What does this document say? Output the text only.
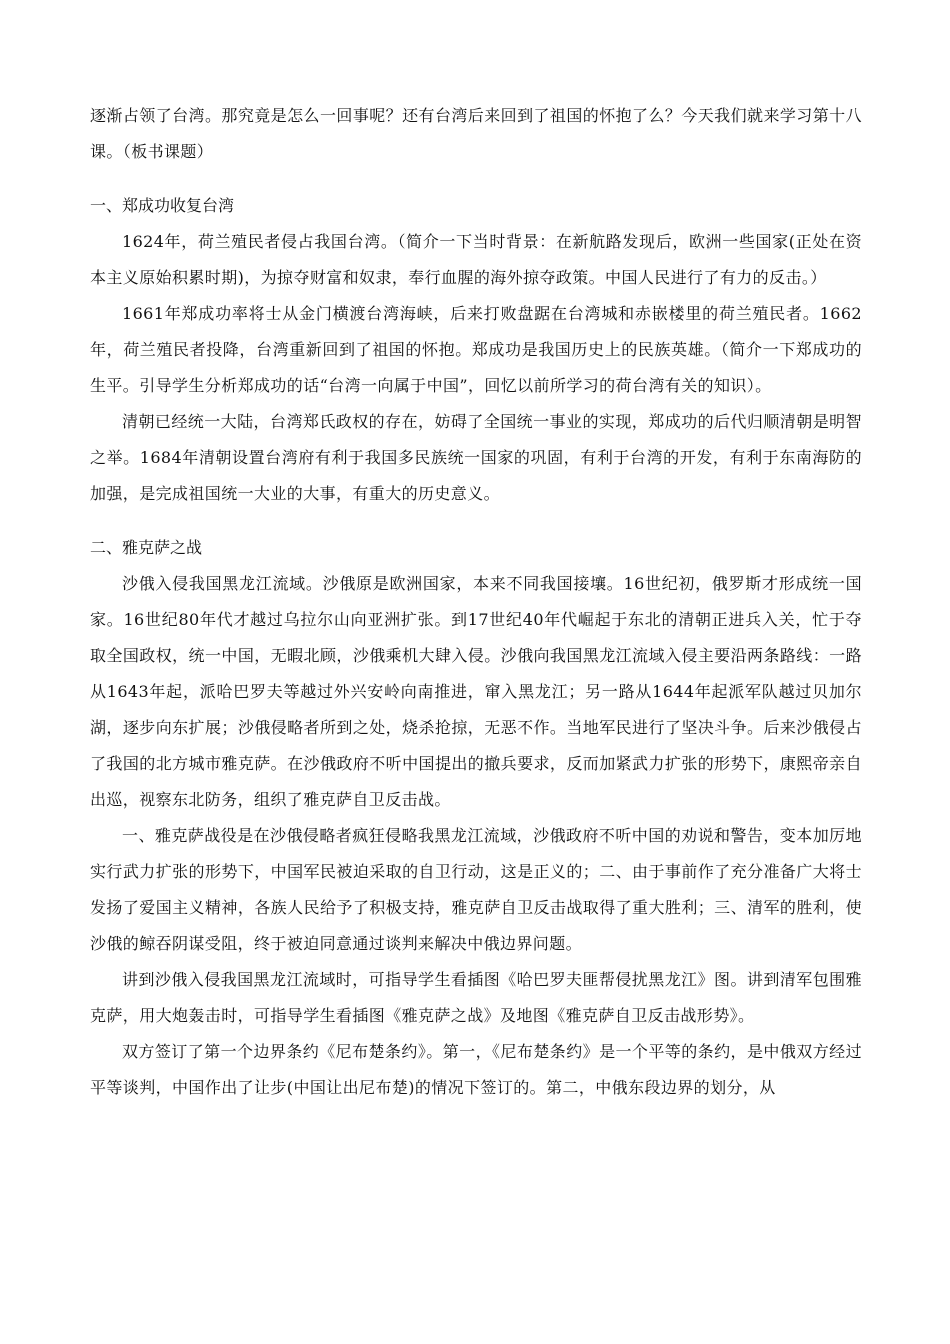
逐渐占领了台湾。那究竟是怎么一回事呢？还有台湾后来回到了祖国的怀抱了么？今天我们就来学习第十八课。（板书课题）

一、郑成功收复台湾

1624年，荷兰殖民者侵占我国台湾。（简介一下当时背景：在新航路发现后，欧洲一些国家(正处在资本主义原始积累时期)，为掠夺财富和奴隶，奉行血腥的海外掠夺政策。中国人民进行了有力的反击。）

1661年郑成功率将士从金门横渡台湾海峡，后来打败盘踞在台湾城和赤嵌楼里的荷兰殖民者。1662年，荷兰殖民者投降，台湾重新回到了祖国的怀抱。郑成功是我国历史上的民族英雄。（简介一下郑成功的生平。引导学生分析郑成功的话“台湾一向属于中国”，回忆以前所学习的荷台湾有关的知识）。

清朝已经统一大陆，台湾郑氏政权的存在，妨碍了全国统一事业的实现，郑成功的后代归顺清朝是明智之举。1684年清朝设置台湾府有利于我国多民族统一国家的巩固，有利于台湾的开发，有利于东南海防的加强，是完成祖国统一大业的大事，有重大的历史意义。

二、雅克萨之战

沙俄入侵我国黑龙江流域。沙俄原是欧洲国家，本来不同我国接壤。16世纪初，俄罗斯才形成统一国家。16世纪80年代才越过乌拉尔山向亚洲扩张。到17世纪40年代崛起于东北的清朝正进兵入关，忙于夺取全国政权，统一中国，无暇北顾，沙俄乘机大肆入侵。沙俄向我国黑龙江流域入侵主要沿两条路线：一路从1643年起，派哈巴罗夫等越过外兴安岭向南推进，窜入黑龙江；另一路从1644年起派军队越过贝加尔湖，逐步向东扩展；沙俄侵略者所到之处，烧杀抢掠，无恶不作。当地军民进行了坚决斗争。后来沙俄侵占了我国的北方城市雅克萨。在沙俄政府不听中国提出的撤兵要求，反而加紧武力扩张的形势下，康熙帝亲自出巡，视察东北防务，组织了雅克萨自卫反击战。

一、雅克萨战役是在沙俄侵略者疯狂侵略我黑龙江流域，沙俄政府不听中国的劝说和警告，变本加厉地实行武力扩张的形势下，中国军民被迫采取的自卫行动，这是正义的；二、由于事前作了充分准备广大将士发扬了爱国主义精神，各族人民给予了积极支持，雅克萨自卫反击战取得了重大胜利；三、清军的胜利，使沙俄的鲸吞阴谋受阻，终于被迫同意通过谈判来解决中俄边界问题。

讲到沙俄入侵我国黑龙江流域时，可指导学生看插图《哈巴罗夫匪帮侵扰黑龙江》图。讲到清军包围雅克萨，用大炮轰击时，可指导学生看插图《雅克萨之战》及地图《雅克萨自卫反击战形势》。

双方签订了第一个边界条约《尼布楚条约》。第一，《尼布楚条约》是一个平等的条约，是中俄双方经过平等谈判，中国作出了让步(中国让出尼布楚)的情况下签订的。第二，中俄东段边界的划分，从
